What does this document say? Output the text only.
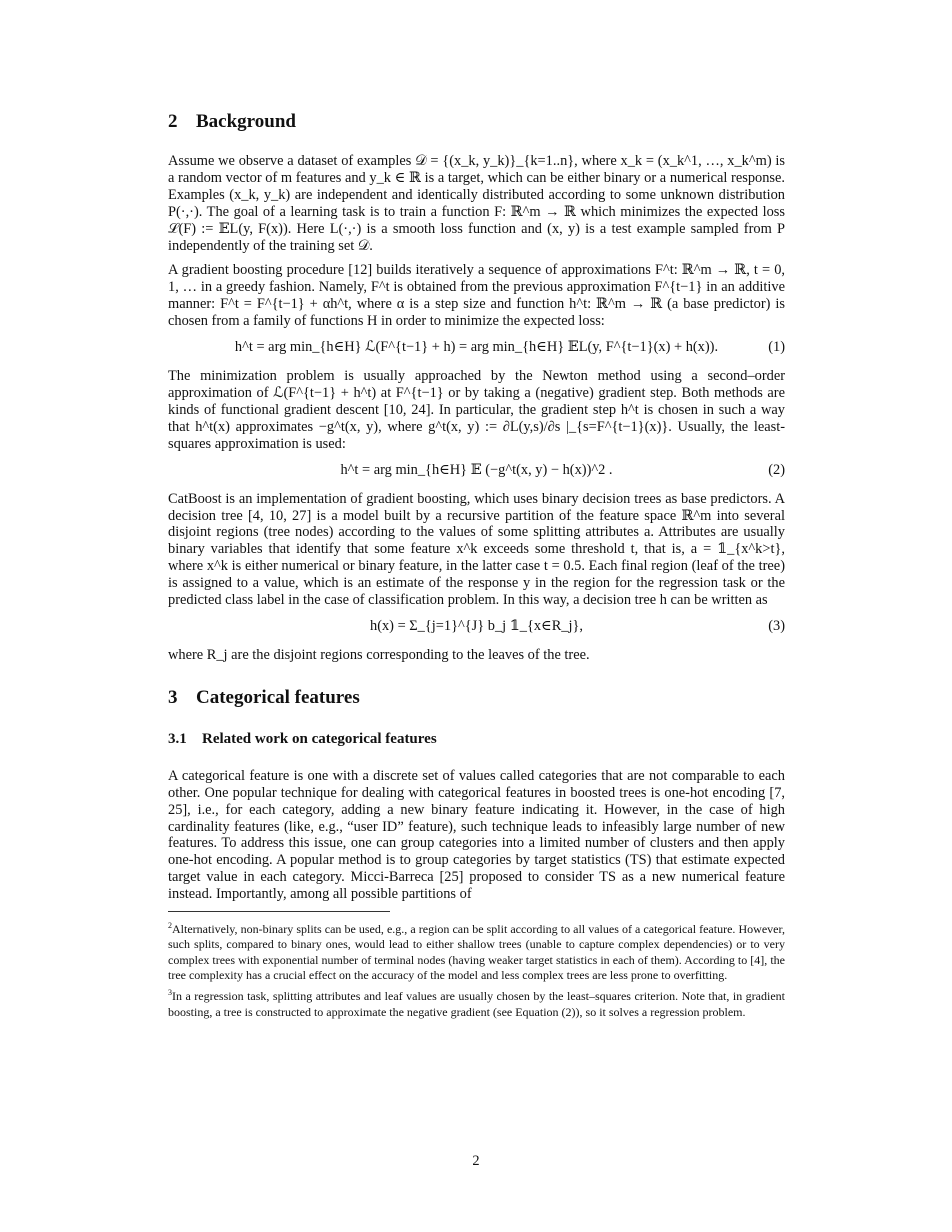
2 Background

Assume we observe a dataset of examples 𝒟 = {(x_k, y_k)}_{k=1..n}, where x_k = (x_k^1, …, x_k^m) is a random vector of m features and y_k ∈ ℝ is a target, which can be either binary or a numerical response. Examples (x_k, y_k) are independent and identically distributed according to some unknown distribution P(·,·). The goal of a learning task is to train a function F: ℝ^m → ℝ which minimizes the expected loss ℒ(F) := 𝔼L(y, F(x)). Here L(·,·) is a smooth loss function and (x, y) is a test example sampled from P independently of the training set 𝒟.

A gradient boosting procedure [12] builds iteratively a sequence of approximations F^t: ℝ^m → ℝ, t = 0, 1, … in a greedy fashion. Namely, F^t is obtained from the previous approximation F^{t−1} in an additive manner: F^t = F^{t−1} + αh^t, where α is a step size and function h^t: ℝ^m → ℝ (a base predictor) is chosen from a family of functions H in order to minimize the expected loss:

h^t = arg min_{h∈H} ℒ(F^{t−1} + h) = arg min_{h∈H} 𝔼L(y, F^{t−1}(x) + h(x)).	(1)

The minimization problem is usually approached by the Newton method using a second–order approximation of ℒ(F^{t−1} + h^t) at F^{t−1} or by taking a (negative) gradient step. Both methods are kinds of functional gradient descent [10, 24]. In particular, the gradient step h^t is chosen in such a way that h^t(x) approximates −g^t(x, y), where g^t(x, y) := ∂L(y,s)/∂s |_{s=F^{t−1}(x)}. Usually, the least-squares approximation is used:

h^t = arg min_{h∈H} 𝔼 (−g^t(x, y) − h(x))^2 .	(2)

CatBoost is an implementation of gradient boosting, which uses binary decision trees as base predictors. A decision tree [4, 10, 27] is a model built by a recursive partition of the feature space ℝ^m into several disjoint regions (tree nodes) according to the values of some splitting attributes a. Attributes are usually binary variables that identify that some feature x^k exceeds some threshold t, that is, a = 𝟙_{x^k>t}, where x^k is either numerical or binary feature, in the latter case t = 0.5. Each final region (leaf of the tree) is assigned to a value, which is an estimate of the response y in the region for the regression task or the predicted class label in the case of classification problem. In this way, a decision tree h can be written as

h(x) = Σ_{j=1}^{J} b_j 𝟙_{x∈R_j},	(3)

where R_j are the disjoint regions corresponding to the leaves of the tree.

3 Categorical features
3.1 Related work on categorical features

A categorical feature is one with a discrete set of values called categories that are not comparable to each other. One popular technique for dealing with categorical features in boosted trees is one-hot encoding [7, 25], i.e., for each category, adding a new binary feature indicating it. However, in the case of high cardinality features (like, e.g., “user ID” feature), such technique leads to infeasibly large number of new features. To address this issue, one can group categories into a limited number of clusters and then apply one-hot encoding. A popular method is to group categories by target statistics (TS) that estimate expected target value in each category. Micci-Barreca [25] proposed to consider TS as a new numerical feature instead. Importantly, among all possible partitions of

$^2$Alternatively, non-binary splits can be used, e.g., a region can be split according to all values of a categorical feature. However, such splits, compared to binary ones, would lead to either shallow trees (unable to capture complex dependencies) or to very complex trees with exponential number of terminal nodes (having weaker target statistics in each of them). According to [4], the tree complexity has a crucial effect on the accuracy of the model and less complex trees are less prone to overfitting.

$^3$In a regression task, splitting attributes and leaf values are usually chosen by the least–squares criterion. Note that, in gradient boosting, a tree is constructed to approximate the negative gradient (see Equation (2)), so it solves a regression problem.

2
